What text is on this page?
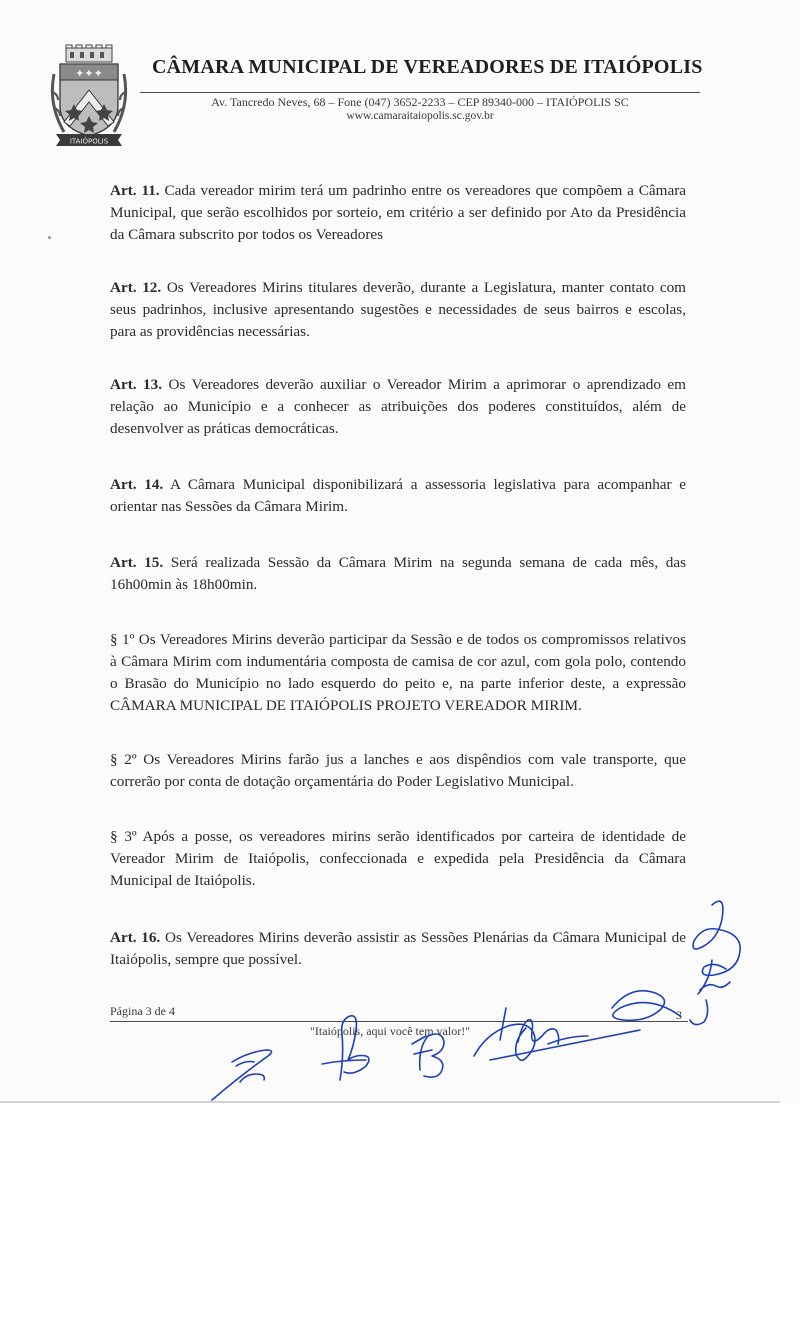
✦✦✦
ITAIÓPOLIS
CÂMARA MUNICIPAL DE VEREADORES DE ITAIÓPOLIS
Av. Tancredo Neves, 68 – Fone (047) 3652-2233 – CEP 89340-000 – ITAIÓPOLIS SC
www.camaraitaiopolis.sc.gov.br
Art. 11. Cada vereador mirim terá um padrinho entre os vereadores que compõem a Câmara Municipal, que serão escolhidos por sorteio, em critério a ser definido por Ato da Presidência da Câmara subscrito por todos os Vereadores
Art. 12. Os Vereadores Mirins titulares deverão, durante a Legislatura, manter contato com seus padrinhos, inclusive apresentando sugestões e necessidades de seus bairros e escolas, para as providências necessárias.
Art. 13. Os Vereadores deverão auxiliar o Vereador Mirim a aprimorar o aprendizado em relação ao Município e a conhecer as atribuições dos poderes constituídos, além de desenvolver as práticas democráticas.
Art. 14. A Câmara Municipal disponibilizará a assessoria legislativa para acompanhar e orientar nas Sessões da Câmara Mirim.
Art. 15. Será realizada Sessão da Câmara Mirim na segunda semana de cada mês, das 16h00min às 18h00min.
§ 1º Os Vereadores Mirins deverão participar da Sessão e de todos os compromissos relativos à Câmara Mirim com indumentária composta de camisa de cor azul, com gola polo, contendo o Brasão do Município no lado esquerdo do peito e, na parte inferior deste, a expressão CÂMARA MUNICIPAL DE ITAIÓPOLIS PROJETO VEREADOR MIRIM.
§ 2º Os Vereadores Mirins farão jus a lanches e aos dispêndios com vale transporte, que correrão por conta de dotação orçamentária do Poder Legislativo Municipal.
§ 3º Após a posse, os vereadores mirins serão identificados por carteira de identidade de Vereador Mirim de Itaiópolis, confeccionada e expedida pela Presidência da Câmara Municipal de Itaiópolis.
Art. 16. Os Vereadores Mirins deverão assistir as Sessões Plenárias da Câmara Municipal de Itaiópolis, sempre que possível.
Página 3 de 4
"Itaiópolis, aqui você tem valor!"
3
